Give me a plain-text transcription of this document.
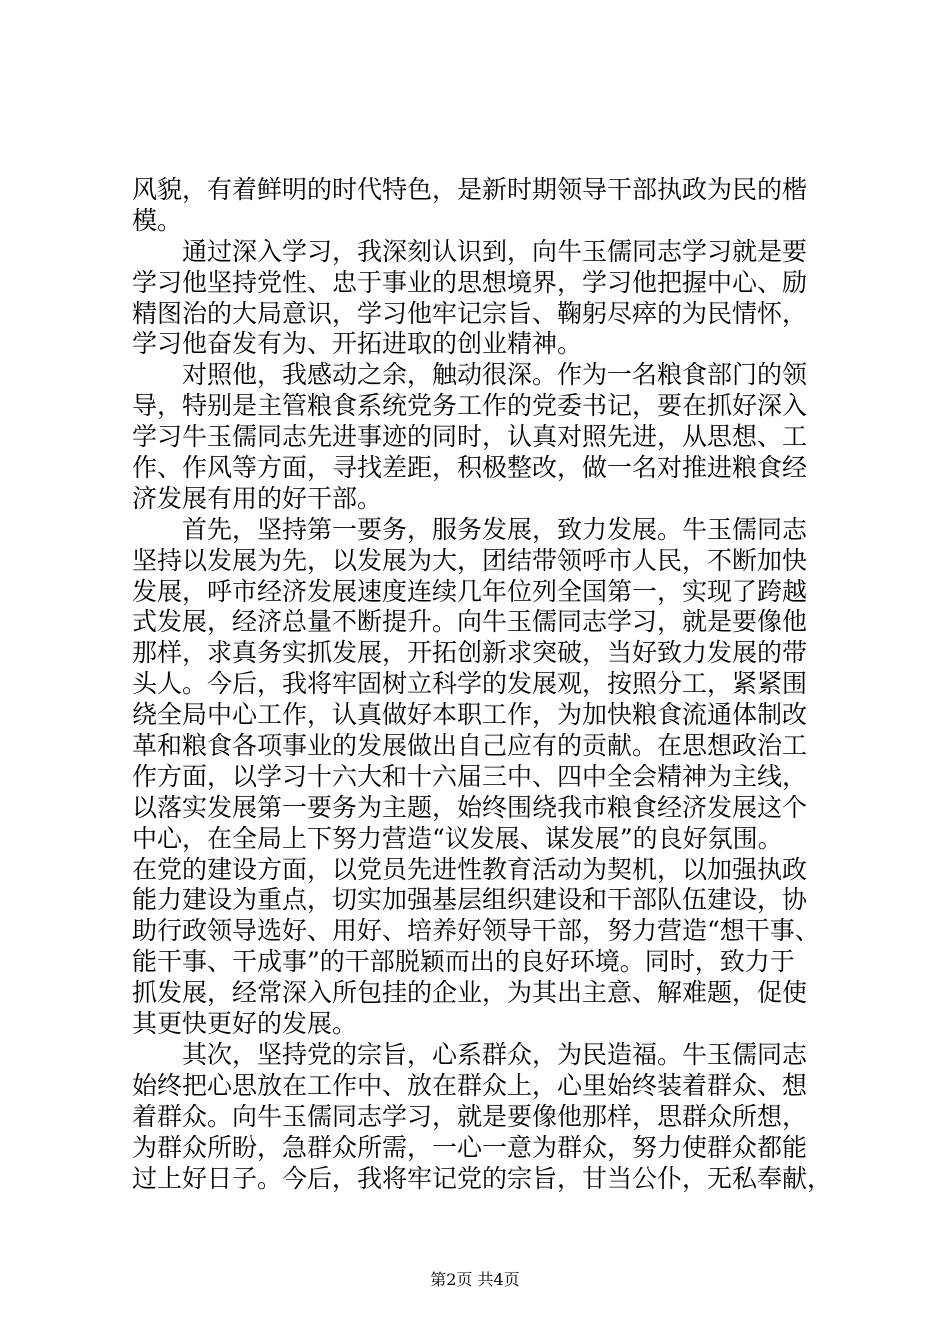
风貌，有着鲜明的时代特色，是新时期领导干部执政为民的楷
模。
通过深入学习，我深刻认识到，向牛玉儒同志学习就是要
学习他坚持党性、忠于事业的思想境界，学习他把握中心、励
精图治的大局意识，学习他牢记宗旨、鞠躬尽瘁的为民情怀，
学习他奋发有为、开拓进取的创业精神。
对照他，我感动之余，触动很深。作为一名粮食部门的领
导，特别是主管粮食系统党务工作的党委书记，要在抓好深入
学习牛玉儒同志先进事迹的同时，认真对照先进，从思想、工
作、作风等方面，寻找差距，积极整改，做一名对推进粮食经
济发展有用的好干部。
首先，坚持第一要务，服务发展，致力发展。牛玉儒同志
坚持以发展为先，以发展为大，团结带领呼市人民，不断加快
发展，呼市经济发展速度连续几年位列全国第一，实现了跨越
式发展，经济总量不断提升。向牛玉儒同志学习，就是要像他
那样，求真务实抓发展，开拓创新求突破，当好致力发展的带
头人。今后，我将牢固树立科学的发展观，按照分工，紧紧围
绕全局中心工作，认真做好本职工作，为加快粮食流通体制改
革和粮食各项事业的发展做出自己应有的贡献。在思想政治工
作方面，以学习十六大和十六届三中、四中全会精神为主线，
以落实发展第一要务为主题，始终围绕我市粮食经济发展这个
中心，在全局上下努力营造“议发展、谋发展”的良好氛围。
在党的建设方面，以党员先进性教育活动为契机，以加强执政
能力建设为重点，切实加强基层组织建设和干部队伍建设，协
助行政领导选好、用好、培养好领导干部，努力营造“想干事、
能干事、干成事”的干部脱颖而出的良好环境。同时，致力于
抓发展，经常深入所包挂的企业，为其出主意、解难题，促使
其更快更好的发展。
其次，坚持党的宗旨，心系群众，为民造福。牛玉儒同志
始终把心思放在工作中、放在群众上，心里始终装着群众、想
着群众。向牛玉儒同志学习，就是要像他那样，思群众所想，
为群众所盼，急群众所需，一心一意为群众，努力使群众都能
过上好日子。今后，我将牢记党的宗旨，甘当公仆，无私奉献，
第2页 共4页
